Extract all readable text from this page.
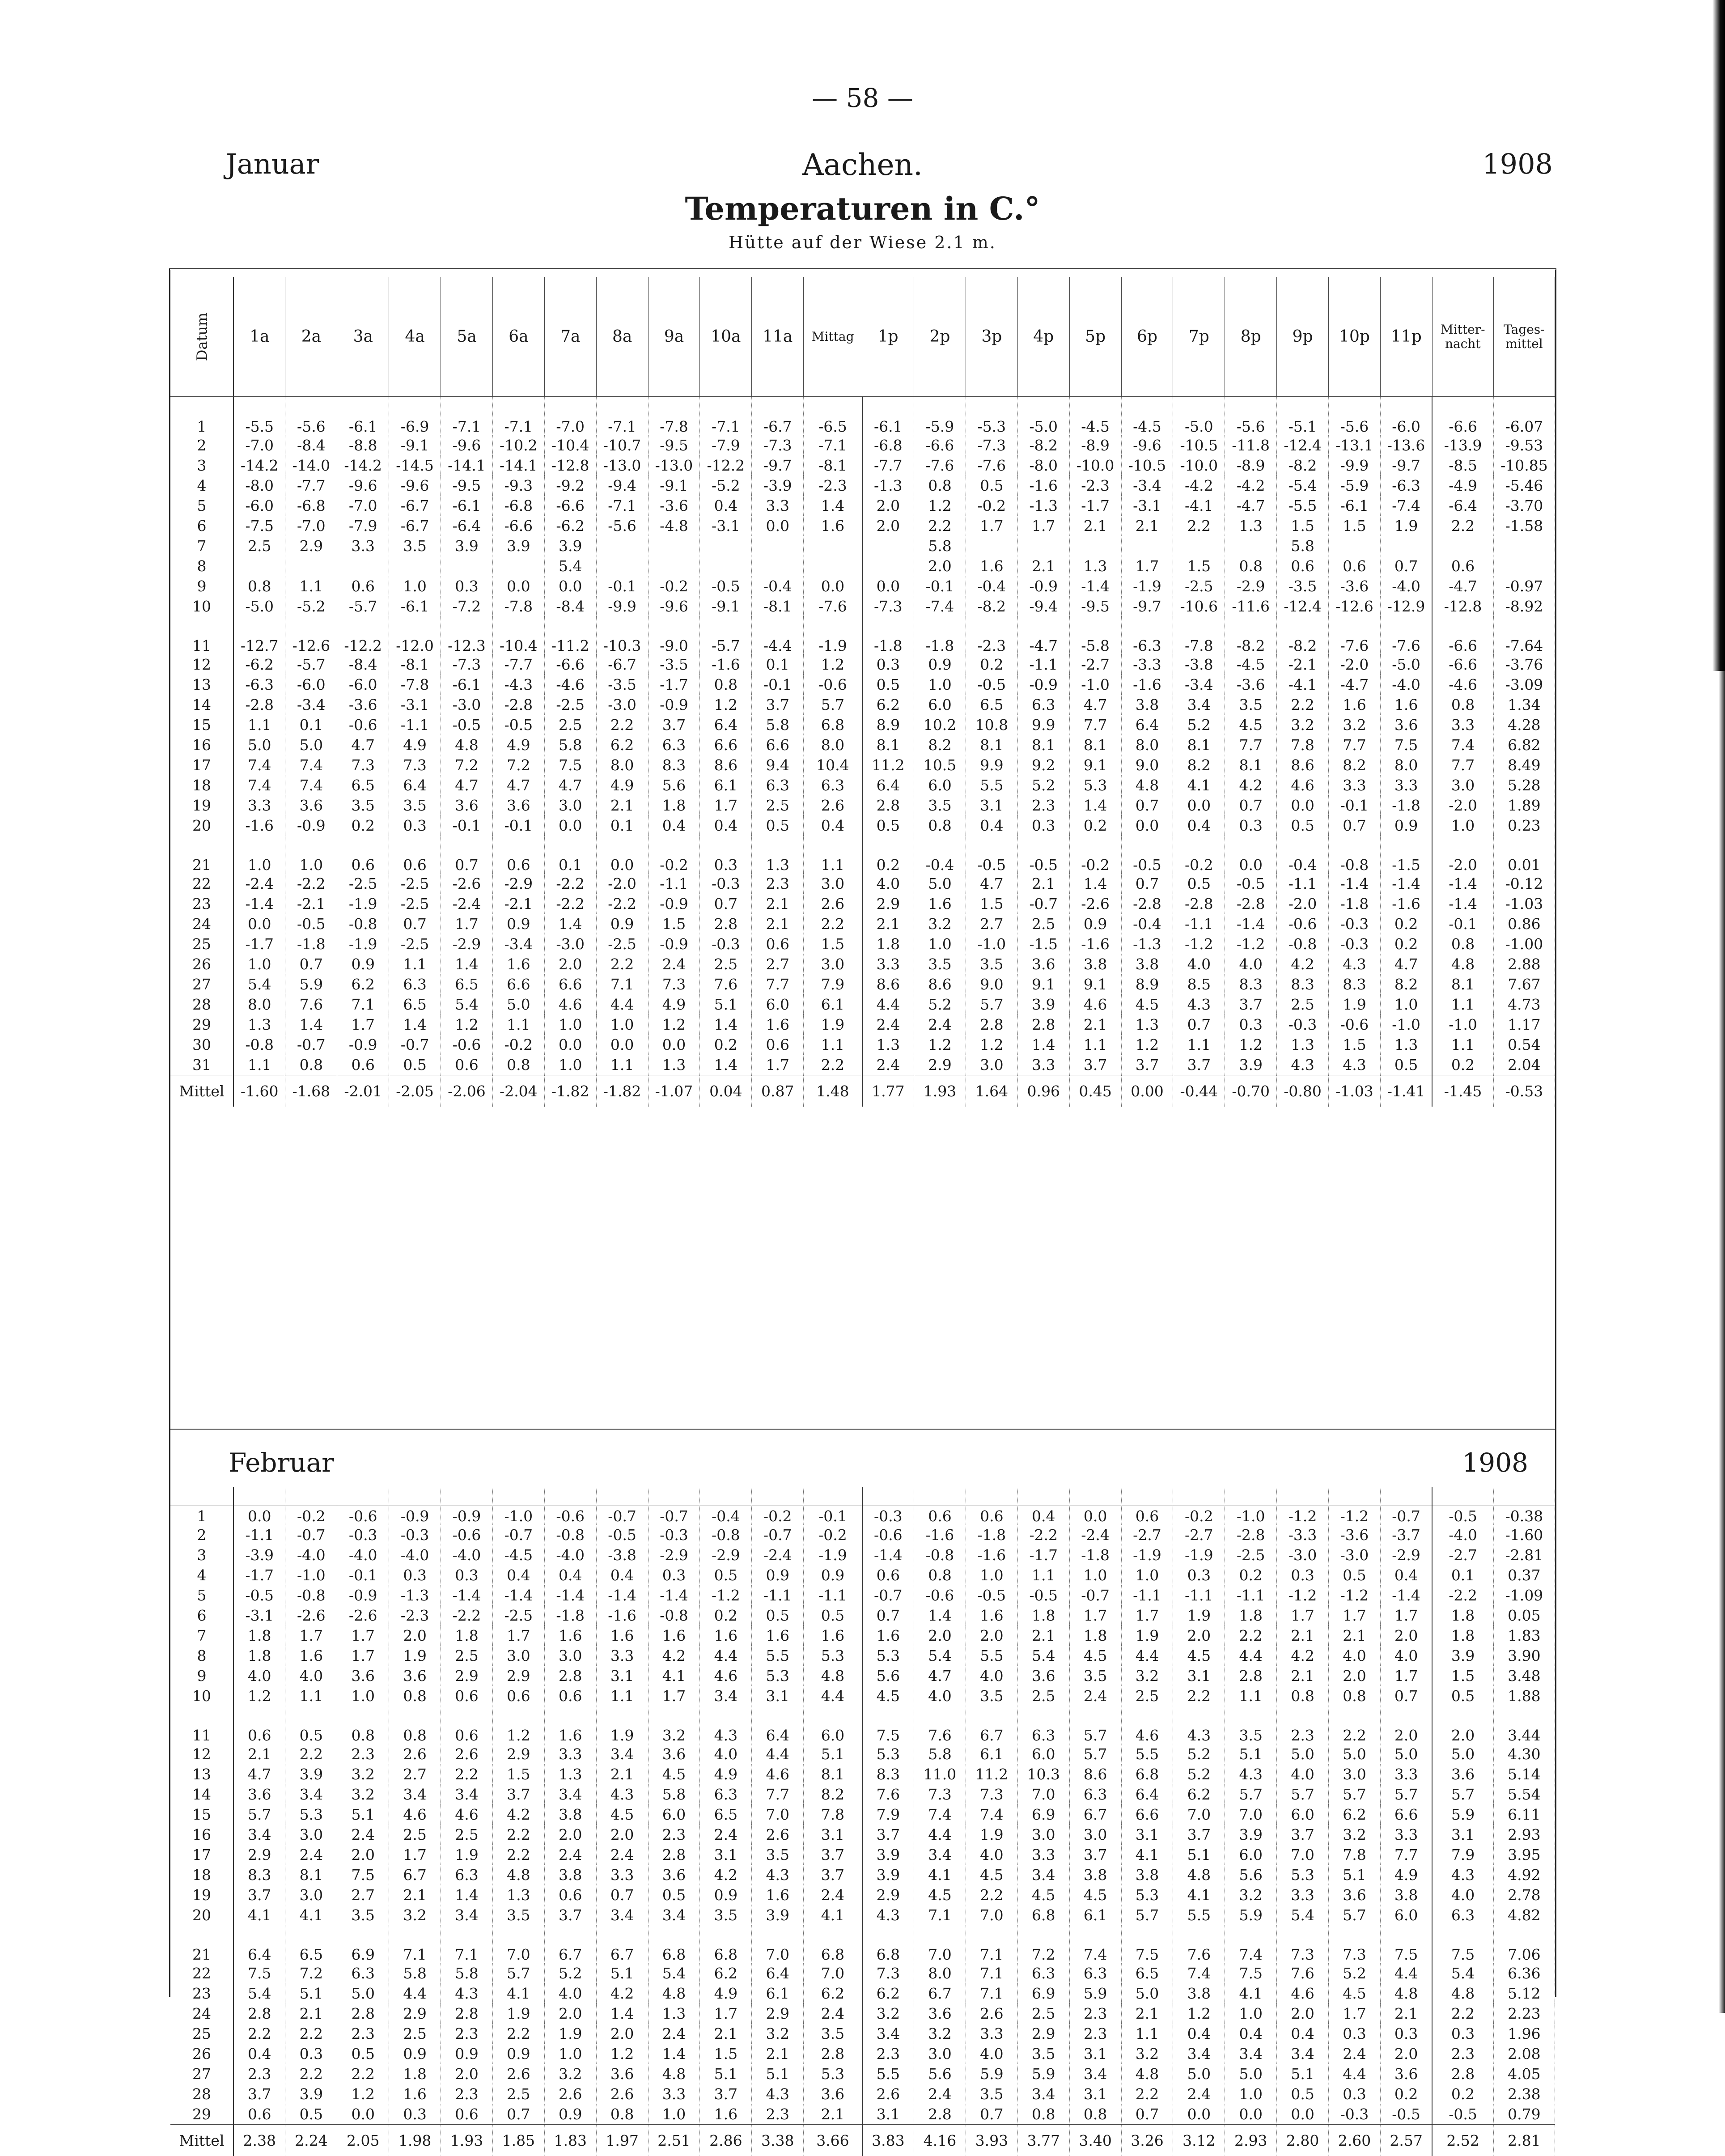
— 58 —
Januar	Aachen.	1908
Temperaturen in C.°
Hütte auf der Wiese 2.1 m.
Datum	1a	2a	3a	4a	5a	6a	7a	8a	9a	10a	11a	Mittag	1p	2p	3p	4p	5p	6p	7p	8p	9p	10p	11p	Mitter-nacht	Tages-mittel
1	-5.5	-5.6	-6.1	-6.9	-7.1	-7.1	-7.0	-7.1	-7.8	-7.1	-6.7	-6.5	-6.1	-5.9	-5.3	-5.0	-4.5	-4.5	-5.0	-5.6	-5.1	-5.6	-6.0	-6.6	-6.07
2	-7.0	-8.4	-8.8	-9.1	-9.6	-10.2	-10.4	-10.7	-9.5	-7.9	-7.3	-7.1	-6.8	-6.6	-7.3	-8.2	-8.9	-9.6	-10.5	-11.8	-12.4	-13.1	-13.6	-13.9	-9.53
3	-14.2	-14.0	-14.2	-14.5	-14.1	-14.1	-12.8	-13.0	-13.0	-12.2	-9.7	-8.1	-7.7	-7.6	-7.6	-8.0	-10.0	-10.5	-10.0	-8.9	-8.2	-9.9	-9.7	-8.5	-10.85
4	-8.0	-7.7	-9.6	-9.6	-9.5	-9.3	-9.2	-9.4	-9.1	-5.2	-3.9	-2.3	-1.3	0.8	0.5	-1.6	-2.3	-3.4	-4.2	-4.2	-5.4	-5.9	-6.3	-4.9	-5.46
5	-6.0	-6.8	-7.0	-6.7	-6.1	-6.8	-6.6	-7.1	-3.6	0.4	3.3	1.4	2.0	1.2	-0.2	-1.3	-1.7	-3.1	-4.1	-4.7	-5.5	-6.1	-7.4	-6.4	-3.70
6	-7.5	-7.0	-7.9	-6.7	-6.4	-6.6	-6.2	-5.6	-4.8	-3.1	0.0	1.6	2.0	2.2	1.7	1.7	2.1	2.1	2.2	1.3	1.5	1.5	1.9	2.2	-1.58
7	2.5	2.9	3.3	3.5	3.9	3.9	3.9							5.8							5.8				
8							5.4							2.0	1.6	2.1	1.3	1.7	1.5	0.8	0.6	0.6	0.7	0.6	
9	0.8	1.1	0.6	1.0	0.3	0.0	0.0	-0.1	-0.2	-0.5	-0.4	0.0	0.0	-0.1	-0.4	-0.9	-1.4	-1.9	-2.5	-2.9	-3.5	-3.6	-4.0	-4.7	-0.97
10	-5.0	-5.2	-5.7	-6.1	-7.2	-7.8	-8.4	-9.9	-9.6	-9.1	-8.1	-7.6	-7.3	-7.4	-8.2	-9.4	-9.5	-9.7	-10.6	-11.6	-12.4	-12.6	-12.9	-12.8	-8.92
11	-12.7	-12.6	-12.2	-12.0	-12.3	-10.4	-11.2	-10.3	-9.0	-5.7	-4.4	-1.9	-1.8	-1.8	-2.3	-4.7	-5.8	-6.3	-7.8	-8.2	-8.2	-7.6	-7.6	-6.6	-7.64
12	-6.2	-5.7	-8.4	-8.1	-7.3	-7.7	-6.6	-6.7	-3.5	-1.6	0.1	1.2	0.3	0.9	0.2	-1.1	-2.7	-3.3	-3.8	-4.5	-2.1	-2.0	-5.0	-6.6	-3.76
13	-6.3	-6.0	-6.0	-7.8	-6.1	-4.3	-4.6	-3.5	-1.7	0.8	-0.1	-0.6	0.5	1.0	-0.5	-0.9	-1.0	-1.6	-3.4	-3.6	-4.1	-4.7	-4.0	-4.6	-3.09
14	-2.8	-3.4	-3.6	-3.1	-3.0	-2.8	-2.5	-3.0	-0.9	1.2	3.7	5.7	6.2	6.0	6.5	6.3	4.7	3.8	3.4	3.5	2.2	1.6	1.6	0.8	1.34
15	1.1	0.1	-0.6	-1.1	-0.5	-0.5	2.5	2.2	3.7	6.4	5.8	6.8	8.9	10.2	10.8	9.9	7.7	6.4	5.2	4.5	3.2	3.2	3.6	3.3	4.28
16	5.0	5.0	4.7	4.9	4.8	4.9	5.8	6.2	6.3	6.6	6.6	8.0	8.1	8.2	8.1	8.1	8.1	8.0	8.1	7.7	7.8	7.7	7.5	7.4	6.82
17	7.4	7.4	7.3	7.3	7.2	7.2	7.5	8.0	8.3	8.6	9.4	10.4	11.2	10.5	9.9	9.2	9.1	9.0	8.2	8.1	8.6	8.2	8.0	7.7	8.49
18	7.4	7.4	6.5	6.4	4.7	4.7	4.7	4.9	5.6	6.1	6.3	6.3	6.4	6.0	5.5	5.2	5.3	4.8	4.1	4.2	4.6	3.3	3.3	3.0	5.28
19	3.3	3.6	3.5	3.5	3.6	3.6	3.0	2.1	1.8	1.7	2.5	2.6	2.8	3.5	3.1	2.3	1.4	0.7	0.0	0.7	0.0	-0.1	-1.8	-2.0	1.89
20	-1.6	-0.9	0.2	0.3	-0.1	-0.1	0.0	0.1	0.4	0.4	0.5	0.4	0.5	0.8	0.4	0.3	0.2	0.0	0.4	0.3	0.5	0.7	0.9	1.0	0.23
21	1.0	1.0	0.6	0.6	0.7	0.6	0.1	0.0	-0.2	0.3	1.3	1.1	0.2	-0.4	-0.5	-0.5	-0.2	-0.5	-0.2	0.0	-0.4	-0.8	-1.5	-2.0	0.01
22	-2.4	-2.2	-2.5	-2.5	-2.6	-2.9	-2.2	-2.0	-1.1	-0.3	2.3	3.0	4.0	5.0	4.7	2.1	1.4	0.7	0.5	-0.5	-1.1	-1.4	-1.4	-1.4	-0.12
23	-1.4	-2.1	-1.9	-2.5	-2.4	-2.1	-2.2	-2.2	-0.9	0.7	2.1	2.6	2.9	1.6	1.5	-0.7	-2.6	-2.8	-2.8	-2.8	-2.0	-1.8	-1.6	-1.4	-1.03
24	0.0	-0.5	-0.8	0.7	1.7	0.9	1.4	0.9	1.5	2.8	2.1	2.2	2.1	3.2	2.7	2.5	0.9	-0.4	-1.1	-1.4	-0.6	-0.3	0.2	-0.1	0.86
25	-1.7	-1.8	-1.9	-2.5	-2.9	-3.4	-3.0	-2.5	-0.9	-0.3	0.6	1.5	1.8	1.0	-1.0	-1.5	-1.6	-1.3	-1.2	-1.2	-0.8	-0.3	0.2	0.8	-1.00
26	1.0	0.7	0.9	1.1	1.4	1.6	2.0	2.2	2.4	2.5	2.7	3.0	3.3	3.5	3.5	3.6	3.8	3.8	4.0	4.0	4.2	4.3	4.7	4.8	2.88
27	5.4	5.9	6.2	6.3	6.5	6.6	6.6	7.1	7.3	7.6	7.7	7.9	8.6	8.6	9.0	9.1	9.1	8.9	8.5	8.3	8.3	8.3	8.2	8.1	7.67
28	8.0	7.6	7.1	6.5	5.4	5.0	4.6	4.4	4.9	5.1	6.0	6.1	4.4	5.2	5.7	3.9	4.6	4.5	4.3	3.7	2.5	1.9	1.0	1.1	4.73
29	1.3	1.4	1.7	1.4	1.2	1.1	1.0	1.0	1.2	1.4	1.6	1.9	2.4	2.4	2.8	2.8	2.1	1.3	0.7	0.3	-0.3	-0.6	-1.0	-1.0	1.17
30	-0.8	-0.7	-0.9	-0.7	-0.6	-0.2	0.0	0.0	0.0	0.2	0.6	1.1	1.3	1.2	1.2	1.4	1.1	1.2	1.1	1.2	1.3	1.5	1.3	1.1	0.54
31	1.1	0.8	0.6	0.5	0.6	0.8	1.0	1.1	1.3	1.4	1.7	2.2	2.4	2.9	3.0	3.3	3.7	3.7	3.7	3.9	4.3	4.3	0.5	0.2	2.04
Mittel	-1.60	-1.68	-2.01	-2.05	-2.06	-2.04	-1.82	-1.82	-1.07	0.04	0.87	1.48	1.77	1.93	1.64	0.96	0.45	0.00	-0.44	-0.70	-0.80	-1.03	-1.41	-1.45	-0.53
Februar	1908
1	0.0	-0.2	-0.6	-0.9	-0.9	-1.0	-0.6	-0.7	-0.7	-0.4	-0.2	-0.1	-0.3	0.6	0.6	0.4	0.0	0.6	-0.2	-1.0	-1.2	-1.2	-0.7	-0.5	-0.38
2	-1.1	-0.7	-0.3	-0.3	-0.6	-0.7	-0.8	-0.5	-0.3	-0.8	-0.7	-0.2	-0.6	-1.6	-1.8	-2.2	-2.4	-2.7	-2.7	-2.8	-3.3	-3.6	-3.7	-4.0	-1.60
3	-3.9	-4.0	-4.0	-4.0	-4.0	-4.5	-4.0	-3.8	-2.9	-2.9	-2.4	-1.9	-1.4	-0.8	-1.6	-1.7	-1.8	-1.9	-1.9	-2.5	-3.0	-3.0	-2.9	-2.7	-2.81
4	-1.7	-1.0	-0.1	0.3	0.3	0.4	0.4	0.4	0.3	0.5	0.9	0.9	0.6	0.8	1.0	1.1	1.0	1.0	0.3	0.2	0.3	0.5	0.4	0.1	0.37
5	-0.5	-0.8	-0.9	-1.3	-1.4	-1.4	-1.4	-1.4	-1.4	-1.2	-1.1	-1.1	-0.7	-0.6	-0.5	-0.5	-0.7	-1.1	-1.1	-1.1	-1.2	-1.2	-1.4	-2.2	-1.09
6	-3.1	-2.6	-2.6	-2.3	-2.2	-2.5	-1.8	-1.6	-0.8	0.2	0.5	0.5	0.7	1.4	1.6	1.8	1.7	1.7	1.9	1.8	1.7	1.7	1.7	1.8	0.05
7	1.8	1.7	1.7	2.0	1.8	1.7	1.6	1.6	1.6	1.6	1.6	1.6	1.6	2.0	2.0	2.1	1.8	1.9	2.0	2.2	2.1	2.1	2.0	1.8	1.83
8	1.8	1.6	1.7	1.9	2.5	3.0	3.0	3.3	4.2	4.4	5.5	5.3	5.3	5.4	5.5	5.4	4.5	4.4	4.5	4.4	4.2	4.0	4.0	3.9	3.90
9	4.0	4.0	3.6	3.6	2.9	2.9	2.8	3.1	4.1	4.6	5.3	4.8	5.6	4.7	4.0	3.6	3.5	3.2	3.1	2.8	2.1	2.0	1.7	1.5	3.48
10	1.2	1.1	1.0	0.8	0.6	0.6	0.6	1.1	1.7	3.4	3.1	4.4	4.5	4.0	3.5	2.5	2.4	2.5	2.2	1.1	0.8	0.8	0.7	0.5	1.88
11	0.6	0.5	0.8	0.8	0.6	1.2	1.6	1.9	3.2	4.3	6.4	6.0	7.5	7.6	6.7	6.3	5.7	4.6	4.3	3.5	2.3	2.2	2.0	2.0	3.44
12	2.1	2.2	2.3	2.6	2.6	2.9	3.3	3.4	3.6	4.0	4.4	5.1	5.3	5.8	6.1	6.0	5.7	5.5	5.2	5.1	5.0	5.0	5.0	5.0	4.30
13	4.7	3.9	3.2	2.7	2.2	1.5	1.3	2.1	4.5	4.9	4.6	8.1	8.3	11.0	11.2	10.3	8.6	6.8	5.2	4.3	4.0	3.0	3.3	3.6	5.14
14	3.6	3.4	3.2	3.4	3.4	3.7	3.4	4.3	5.8	6.3	7.7	8.2	7.6	7.3	7.3	7.0	6.3	6.4	6.2	5.7	5.7	5.7	5.7	5.7	5.54
15	5.7	5.3	5.1	4.6	4.6	4.2	3.8	4.5	6.0	6.5	7.0	7.8	7.9	7.4	7.4	6.9	6.7	6.6	7.0	7.0	6.0	6.2	6.6	5.9	6.11
16	3.4	3.0	2.4	2.5	2.5	2.2	2.0	2.0	2.3	2.4	2.6	3.1	3.7	4.4	1.9	3.0	3.0	3.1	3.7	3.9	3.7	3.2	3.3	3.1	2.93
17	2.9	2.4	2.0	1.7	1.9	2.2	2.4	2.4	2.8	3.1	3.5	3.7	3.9	3.4	4.0	3.3	3.7	4.1	5.1	6.0	7.0	7.8	7.7	7.9	3.95
18	8.3	8.1	7.5	6.7	6.3	4.8	3.8	3.3	3.6	4.2	4.3	3.7	3.9	4.1	4.5	3.4	3.8	3.8	4.8	5.6	5.3	5.1	4.9	4.3	4.92
19	3.7	3.0	2.7	2.1	1.4	1.3	0.6	0.7	0.5	0.9	1.6	2.4	2.9	4.5	2.2	4.5	4.5	5.3	4.1	3.2	3.3	3.6	3.8	4.0	2.78
20	4.1	4.1	3.5	3.2	3.4	3.5	3.7	3.4	3.4	3.5	3.9	4.1	4.3	7.1	7.0	6.8	6.1	5.7	5.5	5.9	5.4	5.7	6.0	6.3	4.82
21	6.4	6.5	6.9	7.1	7.1	7.0	6.7	6.7	6.8	6.8	7.0	6.8	6.8	7.0	7.1	7.2	7.4	7.5	7.6	7.4	7.3	7.3	7.5	7.5	7.06
22	7.5	7.2	6.3	5.8	5.8	5.7	5.2	5.1	5.4	6.2	6.4	7.0	7.3	8.0	7.1	6.3	6.3	6.5	7.4	7.5	7.6	5.2	4.4	5.4	6.36
23	5.4	5.1	5.0	4.4	4.3	4.1	4.0	4.2	4.8	4.9	6.1	6.2	6.2	6.7	7.1	6.9	5.9	5.0	3.8	4.1	4.6	4.5	4.8	4.8	5.12
24	2.8	2.1	2.8	2.9	2.8	1.9	2.0	1.4	1.3	1.7	2.9	2.4	3.2	3.6	2.6	2.5	2.3	2.1	1.2	1.0	2.0	1.7	2.1	2.2	2.23
25	2.2	2.2	2.3	2.5	2.3	2.2	1.9	2.0	2.4	2.1	3.2	3.5	3.4	3.2	3.3	2.9	2.3	1.1	0.4	0.4	0.4	0.3	0.3	0.3	1.96
26	0.4	0.3	0.5	0.9	0.9	0.9	1.0	1.2	1.4	1.5	2.1	2.8	2.3	3.0	4.0	3.5	3.1	3.2	3.4	3.4	3.4	2.4	2.0	2.3	2.08
27	2.3	2.2	2.2	1.8	2.0	2.6	3.2	3.6	4.8	5.1	5.1	5.3	5.5	5.6	5.9	5.9	3.4	4.8	5.0	5.0	5.1	4.4	3.6	2.8	4.05
28	3.7	3.9	1.2	1.6	2.3	2.5	2.6	2.6	3.3	3.7	4.3	3.6	2.6	2.4	3.5	3.4	3.1	2.2	2.4	1.0	0.5	0.3	0.2	0.2	2.38
29	0.6	0.5	0.0	0.3	0.6	0.7	0.9	0.8	1.0	1.6	2.3	2.1	3.1	2.8	0.7	0.8	0.8	0.7	0.0	0.0	0.0	-0.3	-0.5	-0.5	0.79
Mittel	2.38	2.24	2.05	1.98	1.93	1.85	1.83	1.97	2.51	2.86	3.38	3.66	3.83	4.16	3.93	3.77	3.40	3.26	3.12	2.93	2.80	2.60	2.57	2.52	2.81
